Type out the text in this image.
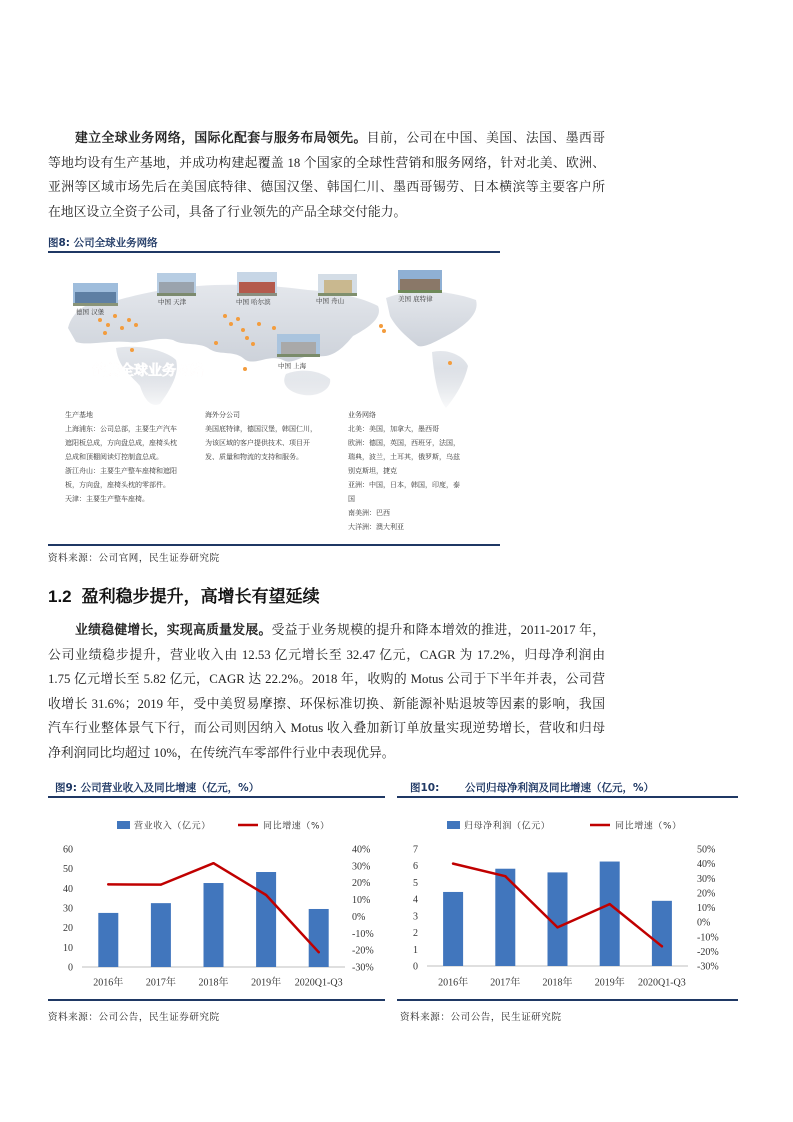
建立全球业务网络，国际化配套与服务布局领先。目前，公司在中国、美国、法国、墨西哥
等地均设有生产基地，并成功构建起覆盖 18 个国家的全球性营销和服务网络，针对北美、欧洲、
亚洲等区域市场先后在美国底特律、德国汉堡、韩国仁川、墨西哥锡劳、日本横滨等主要客户所
在地区设立全资子公司，具备了行业领先的产品全球交付能力。
图8: 公司全球业务网络
德国 汉堡
中国 天津	中国 哈尔滨	中国 舟山	美国 底特律
中国 上海
岱美全球业务网络
生产基地
上海浦东：公司总部，主要生产汽车
遮阳板总成，方向盘总成，座椅头枕
总成和顶棚阅读灯控制盒总成。
浙江舟山：主要生产整车座椅和遮阳
板，方向盘，座椅头枕的零部件。
天津：主要生产整车座椅。
海外分公司
美国底特律，德国汉堡，韩国仁川，
为该区域的客户提供技术、项目开
发、质量和物流的支持和服务。
业务网络
北美：美国，加拿大，墨西哥
欧洲：德国，英国，西班牙，法国，
瑞典，波兰，土耳其，俄罗斯，乌兹
别克斯坦，捷克
亚洲：中国，日本，韩国，印度，泰
国
南美洲：巴西
大洋洲：澳大利亚
资料来源：公司官网，民生证券研究院
1.2 盈利稳步提升，高增长有望延续
业绩稳健增长，实现高质量发展。受益于业务规模的提升和降本增效的推进，2011-2017 年，
公司业绩稳步提升，营业收入由 12.53 亿元增长至 32.47 亿元，CAGR 为 17.2%，归母净利润由
1.75 亿元增长至 5.82 亿元，CAGR 达 22.2%。2018 年，收购的 Motus 公司于下半年并表，公司营
收增长 31.6%；2019 年，受中美贸易摩擦、环保标准切换、新能源补贴退坡等因素的影响，我国
汽车行业整体景气下行，而公司则因纳入 Motus 收入叠加新订单放量实现逆势增长，营收和归母
净利润同比均超过 10%，在传统汽车零部件行业中表现优异。
图9: 公司营业收入及同比增速（亿元，%）
0
10
20
30
40
50
60
-30%
-20%
-10%
0%
10%
20%
30%
40%
2016年 2017年 2018年 2019年 2020Q1-Q3
营业收入（亿元）	同比增速（%）
资料来源：公司公告，民生证券研究院
图10: 公司归母净利润及同比增速（亿元，%）
0
1
2
3
4
5
6
7
-30%
-20%
-10%
0%
10%
20%
30%
40%
50%
2016年 2017年 2018年 2019年 2020Q1-Q3
归母净利润（亿元）	同比增速（%）
资料来源：公司公告，民生证研究院
